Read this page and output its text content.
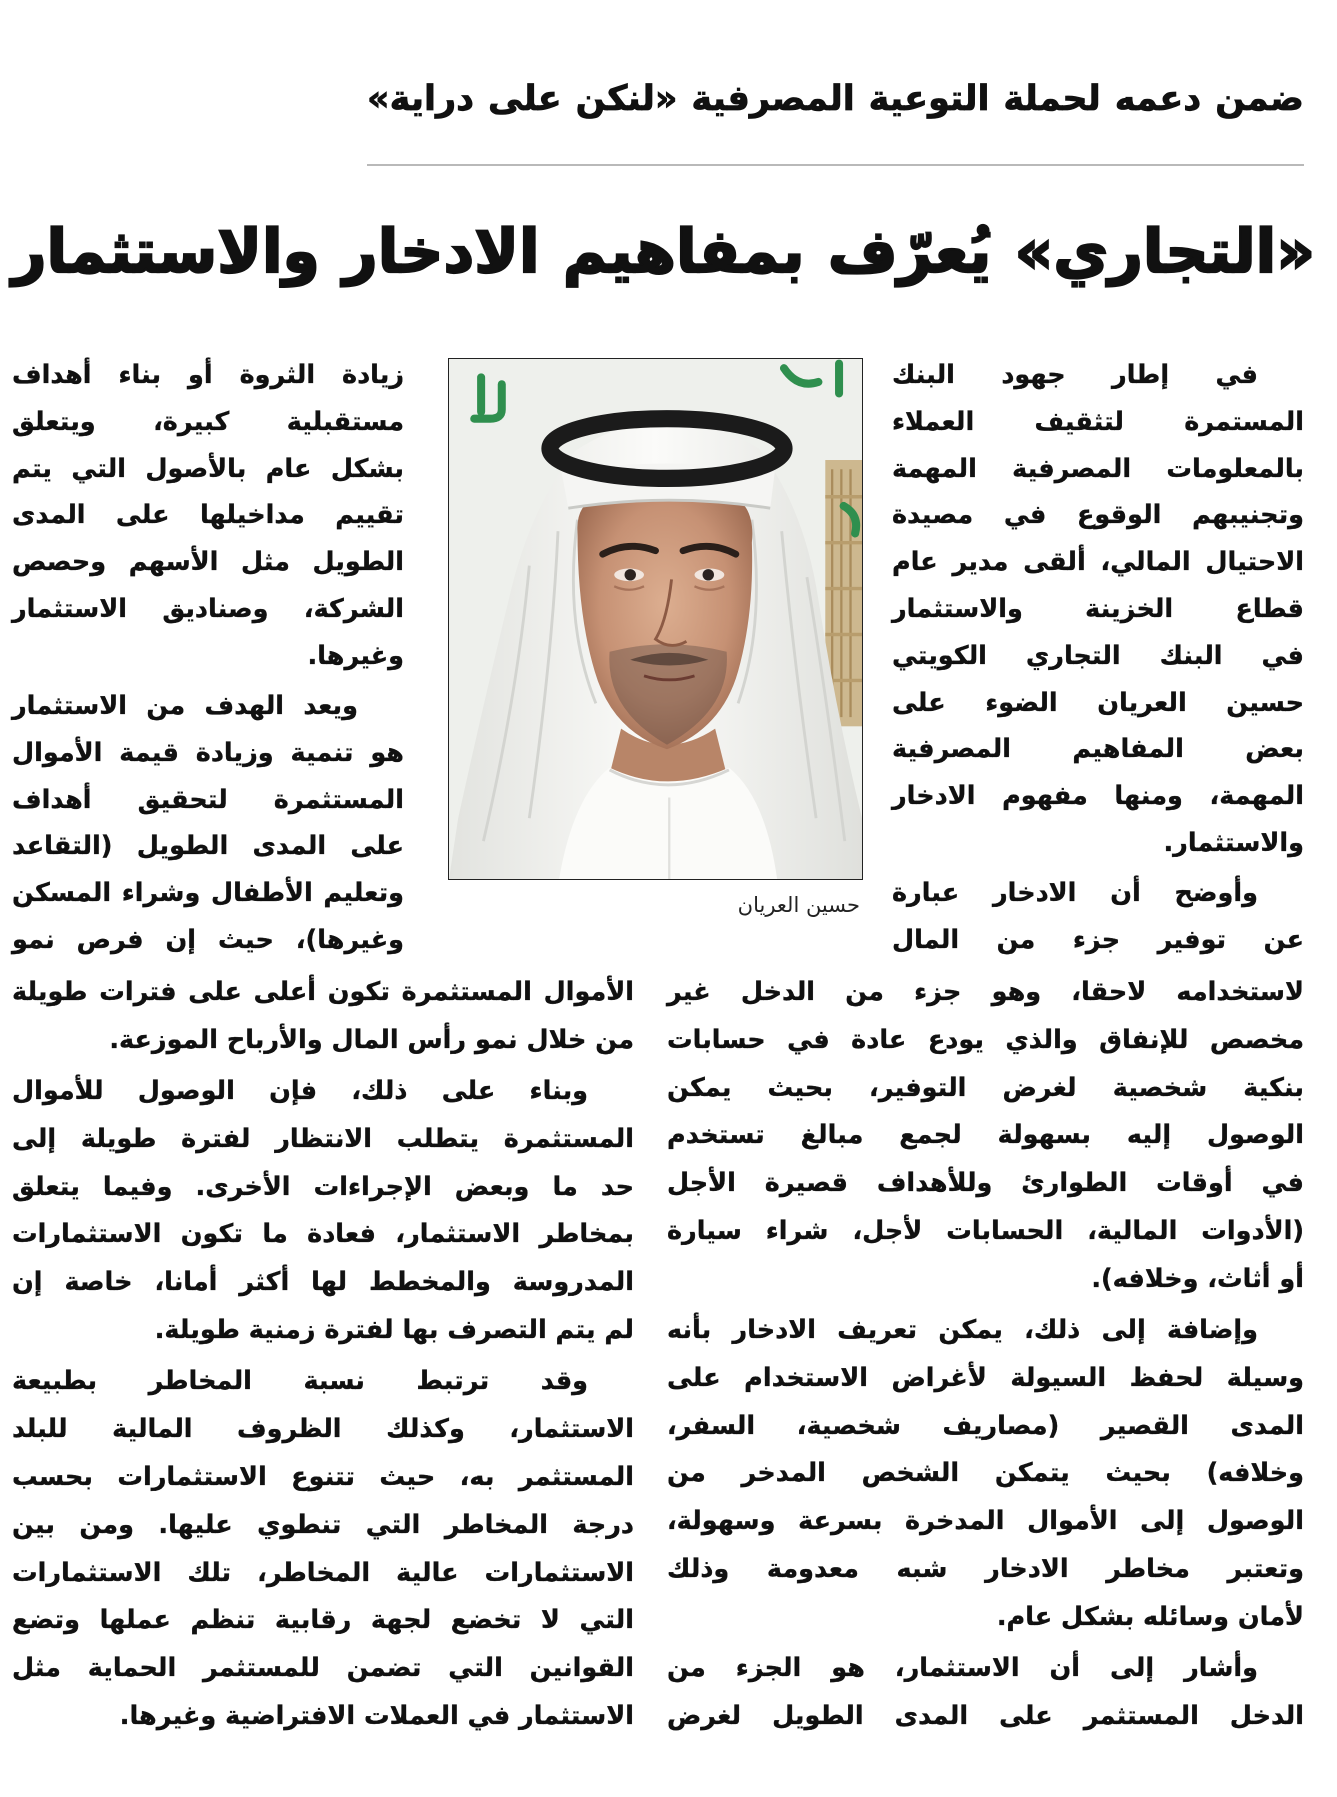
ضمن دعمه لحملة التوعية المصرفية «لنكن على دراية»
«التجاري» يُعرّف بمفاهيم الادخار والاستثمار
في إطار جهود البنك
المستمرة لتثقيف العملاء
بالمعلومات المصرفية المهمة
وتجنيبهم الوقوع في مصيدة
الاحتيال المالي، ألقى مدير عام
قطاع الخزينة والاستثمار
في البنك التجاري الكويتي
حسين العريان الضوء على
بعض المفاهيم المصرفية
المهمة، ومنها مفهوم الادخار
والاستثمار.
وأوضح أن الادخار عبارة
عن توفير جزء من المال
لاستخدامه لاحقا، وهو جزء من الدخل غير
مخصص للإنفاق والذي يودع عادة في حسابات
بنكية شخصية لغرض التوفير، بحيث يمكن
الوصول إليه بسهولة لجمع مبالغ تستخدم
في أوقات الطوارئ وللأهداف قصيرة الأجل
(الأدوات المالية، الحسابات لأجل، شراء سيارة
أو أثاث، وخلافه).
وإضافة إلى ذلك، يمكن تعريف الادخار بأنه
وسيلة لحفظ السيولة لأغراض الاستخدام على
المدى القصير (مصاريف شخصية، السفر،
وخلافه) بحيث يتمكن الشخص المدخر من
الوصول إلى الأموال المدخرة بسرعة وسهولة،
وتعتبر مخاطر الادخار شبه معدومة وذلك
لأمان وسائله بشكل عام.
وأشار إلى أن الاستثمار، هو الجزء من
الدخل المستثمر على المدى الطويل لغرض
زيادة الثروة أو بناء أهداف
مستقبلية كبيرة، ويتعلق
بشكل عام بالأصول التي يتم
تقييم مداخيلها على المدى
الطويل مثل الأسهم وحصص
الشركة، وصناديق الاستثمار
وغيرها.
ويعد الهدف من الاستثمار
هو تنمية وزيادة قيمة الأموال
المستثمرة لتحقيق أهداف
على المدى الطويل (التقاعد
وتعليم الأطفال وشراء المسكن
وغيرها)، حيث إن فرص نمو
الأموال المستثمرة تكون أعلى على فترات طويلة
من خلال نمو رأس المال والأرباح الموزعة.
وبناء على ذلك، فإن الوصول للأموال
المستثمرة يتطلب الانتظار لفترة طويلة إلى
حد ما وبعض الإجراءات الأخرى. وفيما يتعلق
بمخاطر الاستثمار، فعادة ما تكون الاستثمارات
المدروسة والمخطط لها أكثر أمانا، خاصة إن
لم يتم التصرف بها لفترة زمنية طويلة.
وقد ترتبط نسبة المخاطر بطبيعة
الاستثمار، وكذلك الظروف المالية للبلد
المستثمر به، حيث تتنوع الاستثمارات بحسب
درجة المخاطر التي تنطوي عليها. ومن بين
الاستثمارات عالية المخاطر، تلك الاستثمارات
التي لا تخضع لجهة رقابية تنظم عملها وتضع
القوانين التي تضمن للمستثمر الحماية مثل
الاستثمار في العملات الافتراضية وغيرها.
حسين العريان
